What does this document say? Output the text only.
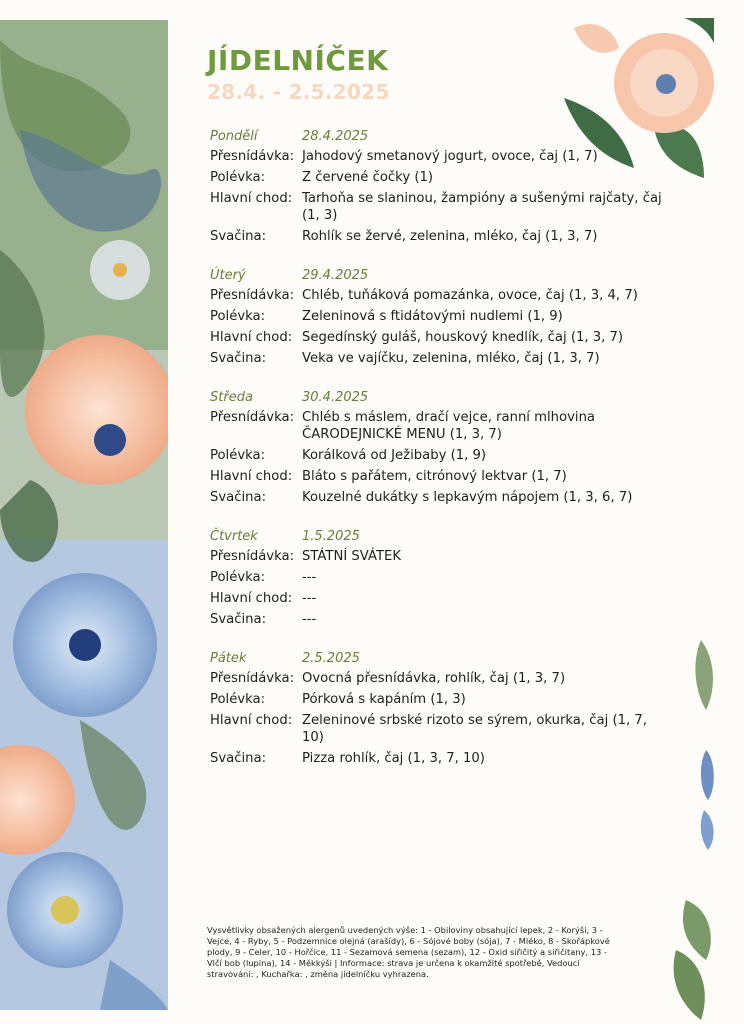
JÍDELNÍČEK
28.4. - 2.5.2025
Pondělí	28.4.2025
Přesnídávka: Jahodový smetanový jogurt, ovoce, čaj (1, 7)
Polévka:	Z červené čočky (1)
Hlavní chod: Tarhoňa se slaninou, žampióny a sušenými rajčaty, čaj (1, 3)
Svačina:	Rohlík se žervé, zelenina, mléko, čaj (1, 3, 7)
Úterý	29.4.2025
Přesnídávka: Chléb, tuňáková pomazánka, ovoce, čaj (1, 3, 4, 7)
Polévka:	Zeleninová s ftidátovými nudlemi (1, 9)
Hlavní chod: Segedínský guláš, houskový knedlík, čaj (1, 3, 7)
Svačina:	Veka ve vajíčku, zelenina, mléko, čaj (1, 3, 7)
Středa	30.4.2025
Přesnídávka: Chléb s máslem, dračí vejce, ranní mlhovina ČARODEJNICKÉ MENU (1, 3, 7)
Polévka:	Korálková od Ježibaby (1, 9)
Hlavní chod: Bláto s pařátem, citrónový lektvar (1, 7)
Svačina:	Kouzelné dukátky s lepkavým nápojem (1, 3, 6, 7)
Čtvrtek	1.5.2025
Přesnídávka: STÁTNÍ SVÁTEK
Polévka:	---
Hlavní chod: ---
Svačina:	---
Pátek	2.5.2025
Přesnídávka: Ovocná přesnídávka, rohlík, čaj (1, 3, 7)
Polévka:	Pórková s kapáním (1, 3)
Hlavní chod: Zeleninové srbské rizoto se sýrem, okurka, čaj (1, 7, 10)
Svačina:	Pizza rohlík, čaj (1, 3, 7, 10)
Vysvětlivky obsažených alergenů uvedených výše: 1 - Obiloviny obsahující lepek, 2 - Korýši, 3 - Vejce, 4 - Ryby, 5 - Podzemnice olejná (arašídy), 6 - Sójové boby (sója), 7 - Mléko, 8 - Skořápkové plody, 9 - Celer, 10 - Hořčice, 11 - Sezamová semena (sezam), 12 - Oxid siřičitý a siřičitany, 13 - Vlčí bob (lupina), 14 - Měkkýši | Informace: strava je určena k okamžité spotřebě, Vedoucí stravování: , Kuchařka: , změna jídelníčku vyhrazena.
